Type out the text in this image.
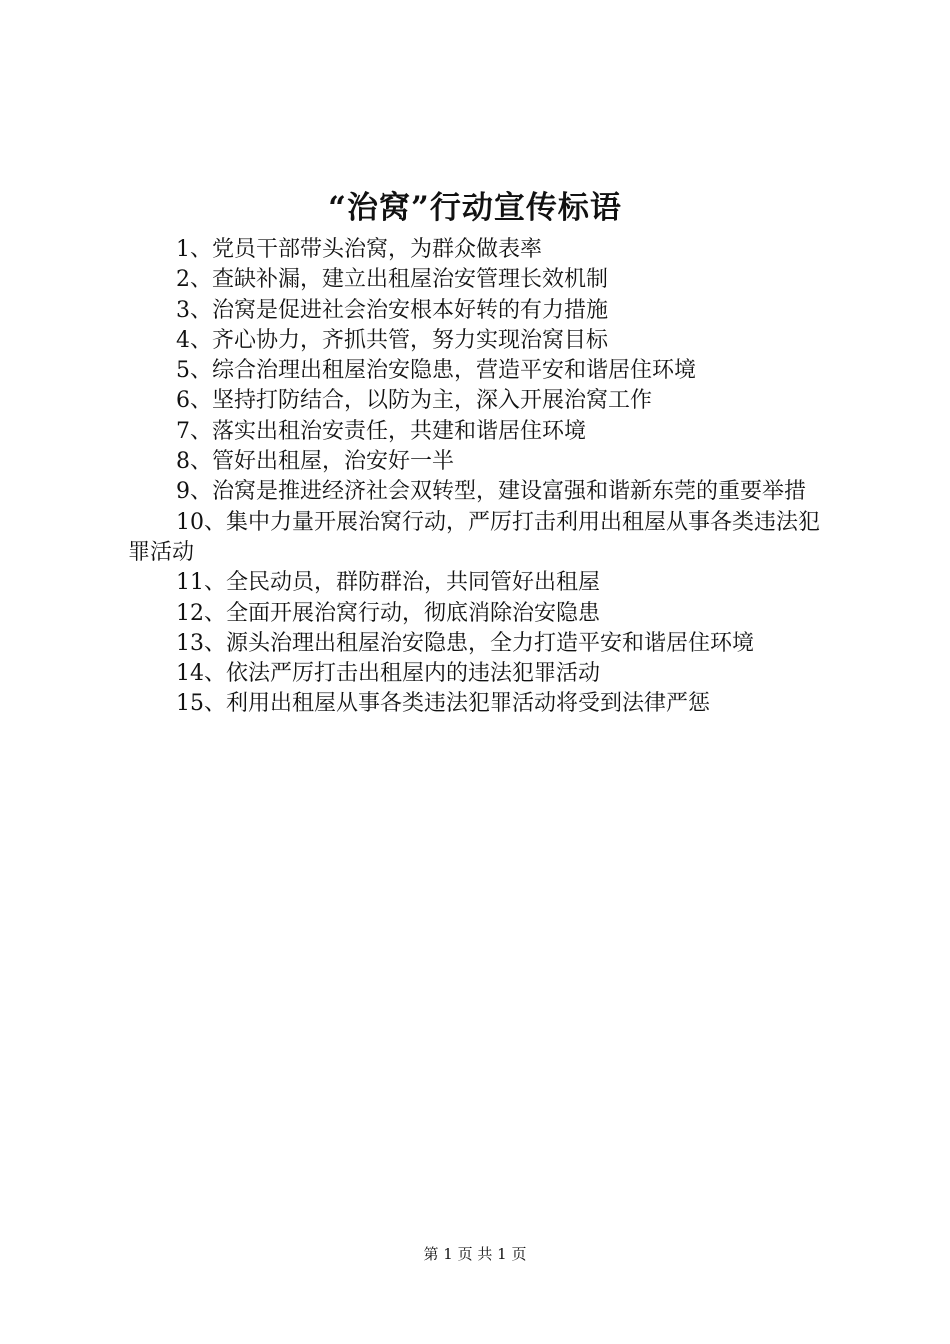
“治窝”行动宣传标语
1、党员干部带头治窝，为群众做表率
2、查缺补漏，建立出租屋治安管理长效机制
3、治窝是促进社会治安根本好转的有力措施
4、齐心协力，齐抓共管，努力实现治窝目标
5、综合治理出租屋治安隐患，营造平安和谐居住环境
6、坚持打防结合，以防为主，深入开展治窝工作
7、落实出租治安责任，共建和谐居住环境
8、管好出租屋，治安好一半
9、治窝是推进经济社会双转型，建设富强和谐新东莞的重要举措
10、集中力量开展治窝行动，严厉打击利用出租屋从事各类违法犯罪活动
11、全民动员，群防群治，共同管好出租屋
12、全面开展治窝行动，彻底消除治安隐患
13、源头治理出租屋治安隐患，全力打造平安和谐居住环境
14、依法严厉打击出租屋内的违法犯罪活动
15、利用出租屋从事各类违法犯罪活动将受到法律严惩
第 1 页 共 1 页
